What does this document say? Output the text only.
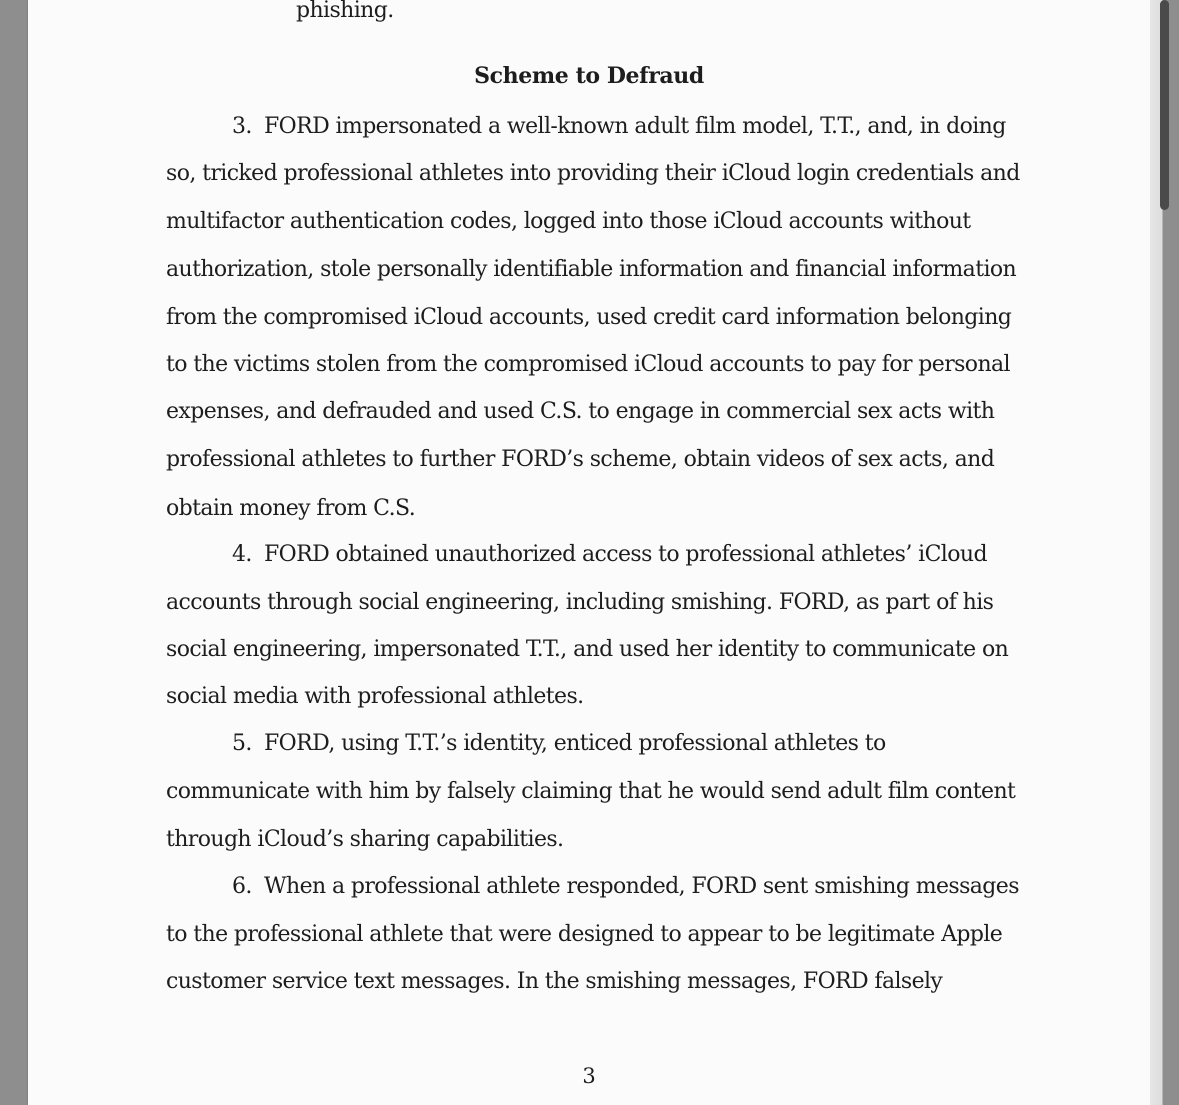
phishing.
Scheme to Defraud
3. FORD impersonated a well-known adult film model, T.T., and, in doing
so, tricked professional athletes into providing their iCloud login credentials and
multifactor authentication codes, logged into those iCloud accounts without
authorization, stole personally identifiable information and financial information
from the compromised iCloud accounts, used credit card information belonging
to the victims stolen from the compromised iCloud accounts to pay for personal
expenses, and defrauded and used C.S. to engage in commercial sex acts with
professional athletes to further FORD’s scheme, obtain videos of sex acts, and
obtain money from C.S.
4. FORD obtained unauthorized access to professional athletes’ iCloud
accounts through social engineering, including smishing. FORD, as part of his
social engineering, impersonated T.T., and used her identity to communicate on
social media with professional athletes.
5. FORD, using T.T.’s identity, enticed professional athletes to
communicate with him by falsely claiming that he would send adult film content
through iCloud’s sharing capabilities.
6. When a professional athlete responded, FORD sent smishing messages
to the professional athlete that were designed to appear to be legitimate Apple
customer service text messages. In the smishing messages, FORD falsely
3
